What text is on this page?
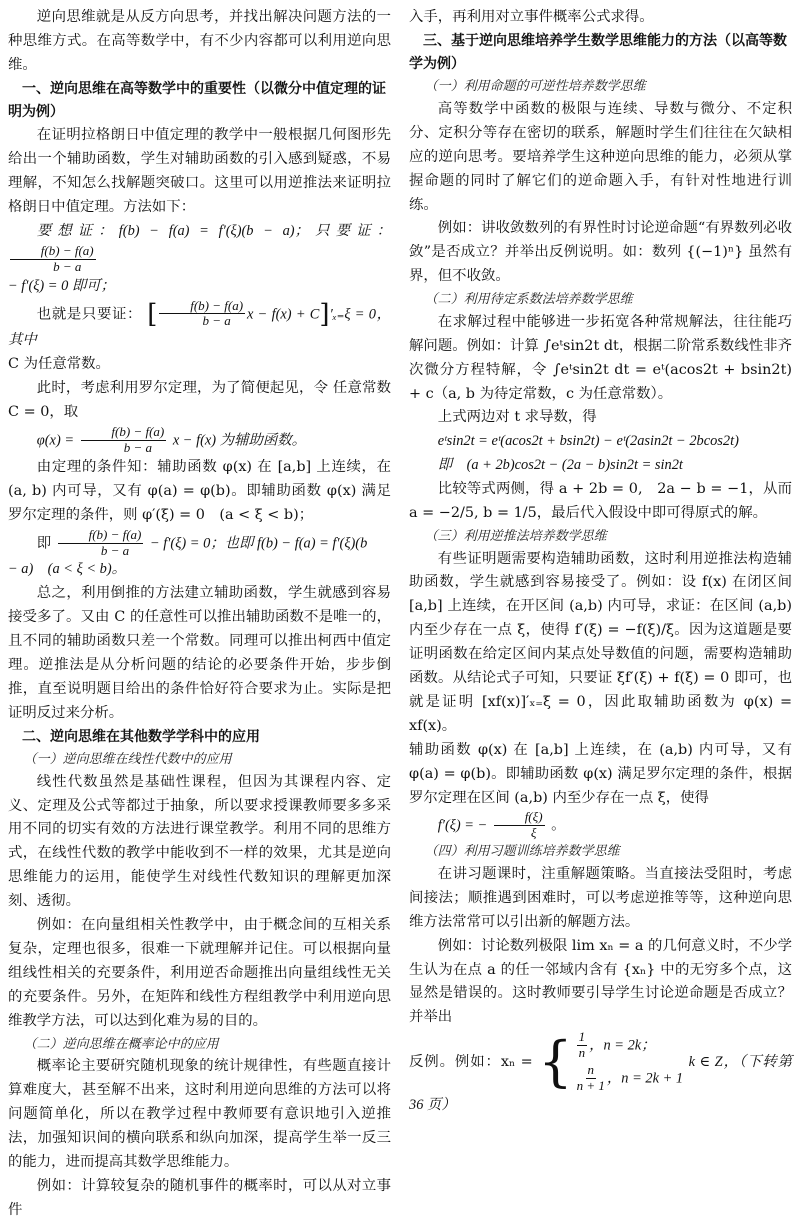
逆向思维就是从反方向思考，并找出解决问题方法的一种思维方式。在高等数学中，有不少内容都可以利用逆向思维。

一、逆向思维在高等数学中的重要性（以微分中值定理的证明为例）

在证明拉格朗日中值定理的教学中一般根据几何图形先给出一个辅助函数，学生对辅助函数的引入感到疑惑，不易理解，不知怎么找解题突破口。这里可以用逆推法来证明拉格朗日中值定理。方法如下：

要想证：f(b) − f(a) = f′(ξ)(b − a)；只要证：
$\frac{f(b) - f(a)}{b - a}$

− f′(ξ) = 0 即可；

也就是只要证： [ $\frac{f(b) - f(a)}{b - a}$ x − f(x) + C]′ₓ₌ξ = 0，其中

C 为任意常数。

此时，考虑利用罗尔定理，为了简便起见，令 任意常数 C = 0，取

$\varphi(x) = \frac{f(b) - f(a)}{b - a}$ x − f(x) 为辅助函数。

由定理的条件知：辅助函数 φ(x) 在 [a,b] 上连续，在 (a, b) 内可导，又有 φ(a) = φ(b)。即辅助函数 φ(x) 满足罗尔定理的条件，则 φ′(ξ) = 0　(a < ξ < b)；

即 $\frac{f(b) - f(a)}{b - a} - f'(\xi) = 0$；也即 f(b) − f(a) = f′(ξ)(b

− a)　(a < ξ < b)。

总之，利用倒推的方法建立辅助函数，学生就感到容易接受多了。又由 C 的任意性可以推出辅助函数不是唯一的，且不同的辅助函数只差一个常数。同理可以推出柯西中值定理。逆推法是从分析问题的结论的必要条件开始，步步倒推，直至说明题目给出的条件恰好符合要求为止。实际是把证明反过来分析。

二、逆向思维在其他数学学科中的应用
（一）逆向思维在线性代数中的应用

线性代数虽然是基础性课程，但因为其课程内容、定义、定理及公式等都过于抽象，所以要求授课教师要多多采用不同的切实有效的方法进行课堂教学。利用不同的思维方式，在线性代数的教学中能收到不一样的效果，尤其是逆向思维能力的运用，能使学生对线性代数知识的理解更加深刻、透彻。

例如：在向量组相关性教学中，由于概念间的互相关系复杂，定理也很多，很难一下就理解并记住。可以根据向量组线性相关的充要条件，利用逆否命题推出向量组线性无关的充要条件。另外，在矩阵和线性方程组教学中利用逆向思维教学方法，可以达到化难为易的目的。

（二）逆向思维在概率论中的应用

概率论主要研究随机现象的统计规律性，有些题直接计算难度大，甚至解不出来，这时利用逆向思维的方法可以将问题简单化，所以在教学过程中教师要有意识地引入逆推法，加强知识间的横向联系和纵向加深，提高学生举一反三的能力，进而提高其数学思维能力。

例如：计算较复杂的随机事件的概率时，可以从对立事件

入手，再利用对立事件概率公式求得。

三、基于逆向思维培养学生数学思维能力的方法（以高等数学为例）
（一）利用命题的可逆性培养数学思维

高等数学中函数的极限与连续、导数与微分、不定积分、定积分等存在密切的联系，解题时学生们往往在欠缺相应的逆向思考。要培养学生这种逆向思维的能力，必须从掌握命题的同时了解它们的逆命题入手，有针对性地进行训练。

例如：讲收敛数列的有界性时讨论逆命题“有界数列必收敛”是否成立？并举出反例说明。如：数列 {(−1)ⁿ} 虽然有界，但不收敛。

（二）利用待定系数法培养数学思维

在求解过程中能够进一步拓宽各种常规解法，往往能巧解问题。例如：计算 ∫eᵗsin2t dt，根据二阶常系数线性非齐次微分方程特解，令 ∫eᵗsin2t dt = eᵗ(acos2t + bsin2t) + c（a, b 为待定常数，c 为任意常数）。

上式两边对 t 求导数，得

eᵗsin2t = eᵗ(acos2t + bsin2t) − eᵗ(2asin2t − 2bcos2t)

即　(a + 2b)cos2t − (2a − b)sin2t = sin2t

比较等式两侧，得 a + 2b = 0,　2a − b = −1，从而 a = −2/5, b = 1/5，最后代入假设中即可得原式的解。

（三）利用逆推法培养数学思维

有些证明题需要构造辅助函数，这时利用逆推法构造辅助函数，学生就感到容易接受了。例如：设 f(x) 在闭区间 [a,b] 上连续，在开区间 (a,b) 内可导，求证：在区间 (a,b) 内至少存在一点 ξ，使得 f′(ξ) = −f(ξ)/ξ。因为这道题是要证明函数在给定区间内某点处导数值的问题，需要构造辅助函数。从结论式子可知，只要证 ξf′(ξ) + f(ξ) = 0 即可，也就是证明 [xf(x)]′ₓ₌ξ = 0，因此取辅助函数为 φ(x) = xf(x)。

辅助函数 φ(x) 在 [a,b] 上连续，在 (a,b) 内可导，又有 φ(a) = φ(b)。即辅助函数 φ(x) 满足罗尔定理的条件，根据罗尔定理在区间 (a,b) 内至少存在一点 ξ，使得

f′(ξ) = − $\frac{f(\xi)}{\xi}$ 。

（四）利用习题训练培养数学思维

在讲习题课时，注重解题策略。当直接法受阻时，考虑间接法；顺推遇到困难时，可以考虑逆推等等，这种逆向思维方法常常可以引出新的解题方法。

例如：讨论数列极限 lim xₙ = a 的几何意义时，不少学生认为在点 a 的任一邻域内含有 {xₙ} 中的无穷多个点，这显然是错误的。这时教师要引导学生讨论逆命题是否成立？并举出

反例。例如：xₙ = { $\frac{1}{n}$ ，n = 2k；
$\frac{n}{n + 1}$ ，n = 2k + 1
k ∈ Z，（下转第 36 页）
